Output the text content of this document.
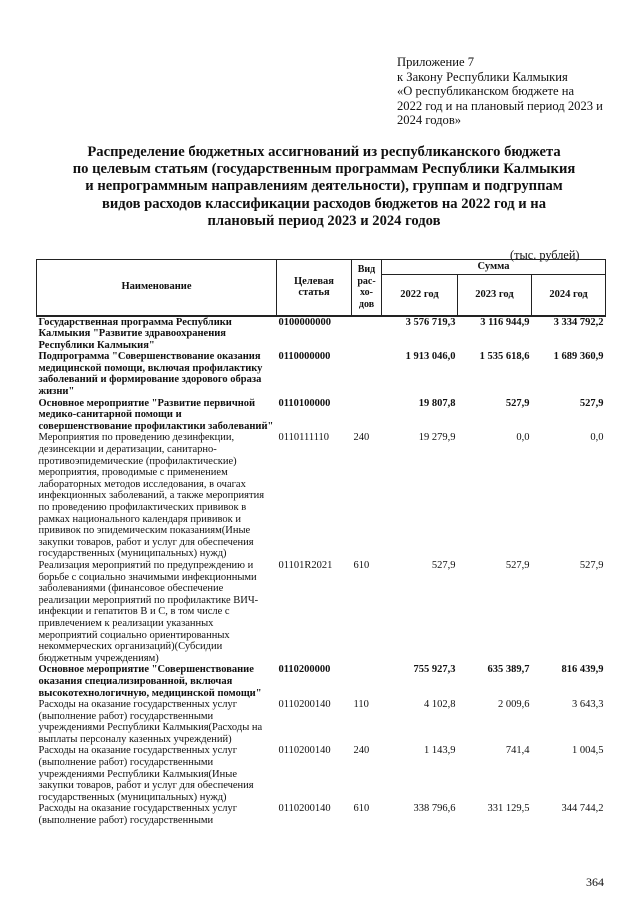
Приложение 7
к Закону Республики Калмыкия
«О республиканском бюджете на
2022 год и на плановый период 2023 и
2024 годов»
Распределение бюджетных ассигнований из республиканского бюджета
по целевым статьям (государственным программам Республики Калмыкия
и непрограммным направлениям деятельности), группам и подгруппам
видов расходов классификации расходов бюджетов на 2022 год и на
плановый период 2023 и 2024 годов
(тыс. рублей)
Наименование	Целевая статья	Вид рас- хо- дов	Сумма		
			2022 год	2023 год	2024 год
Государственная программа Республики Калмыкия "Развитие здравоохранения Республики Калмыкия"	0100000000		3 576 719,3	3 116 944,9	3 334 792,2
Подпрограмма "Совершенствование оказания медицинской помощи, включая профилактику заболеваний и формирование здорового образа жизни"	0110000000		1 913 046,0	1 535 618,6	1 689 360,9
Основное мероприятие "Развитие первичной медико-санитарной помощи и совершенствование профилактики заболеваний"	0110100000		19 807,8	527,9	527,9
Мероприятия по проведению дезинфекции, дезинсекции и дератизации, санитарно-противоэпидемические (профилактические) мероприятия, проводимые с применением лабораторных методов исследования, в очагах инфекционных заболеваний, а также мероприятия по проведению профилактических прививок в рамках национального календаря прививок и прививок по эпидемическим показаниям(Иные закупки товаров, работ и услуг для обеспечения государственных (муниципальных) нужд)	0110111110	240	19 279,9	0,0	0,0
Реализация мероприятий по предупреждению и борьбе с социально значимыми инфекционными заболеваниями (финансовое обеспечение реализации мероприятий по профилактике ВИЧ-инфекции и гепатитов В и С, в том числе с привлечением к реализации указанных мероприятий социально ориентированных некоммерческих организаций)(Субсидии бюджетным учреждениям)	01101R2021	610	527,9	527,9	527,9
Основное мероприятие "Совершенствование оказания специализированной, включая высокотехнологичную, медицинской помощи"	0110200000		755 927,3	635 389,7	816 439,9
Расходы на оказание государственных услуг (выполнение работ) государственными учреждениями Республики Калмыкия(Расходы на выплаты персоналу казенных учреждений)	0110200140	110	4 102,8	2 009,6	3 643,3
Расходы на оказание государственных услуг (выполнение работ) государственными учреждениями Республики Калмыкия(Иные закупки товаров, работ и услуг для обеспечения государственных (муниципальных) нужд)	0110200140	240	1 143,9	741,4	1 004,5
Расходы на оказание государственных услуг (выполнение работ) государственными	0110200140	610	338 796,6	331 129,5	344 744,2
364
